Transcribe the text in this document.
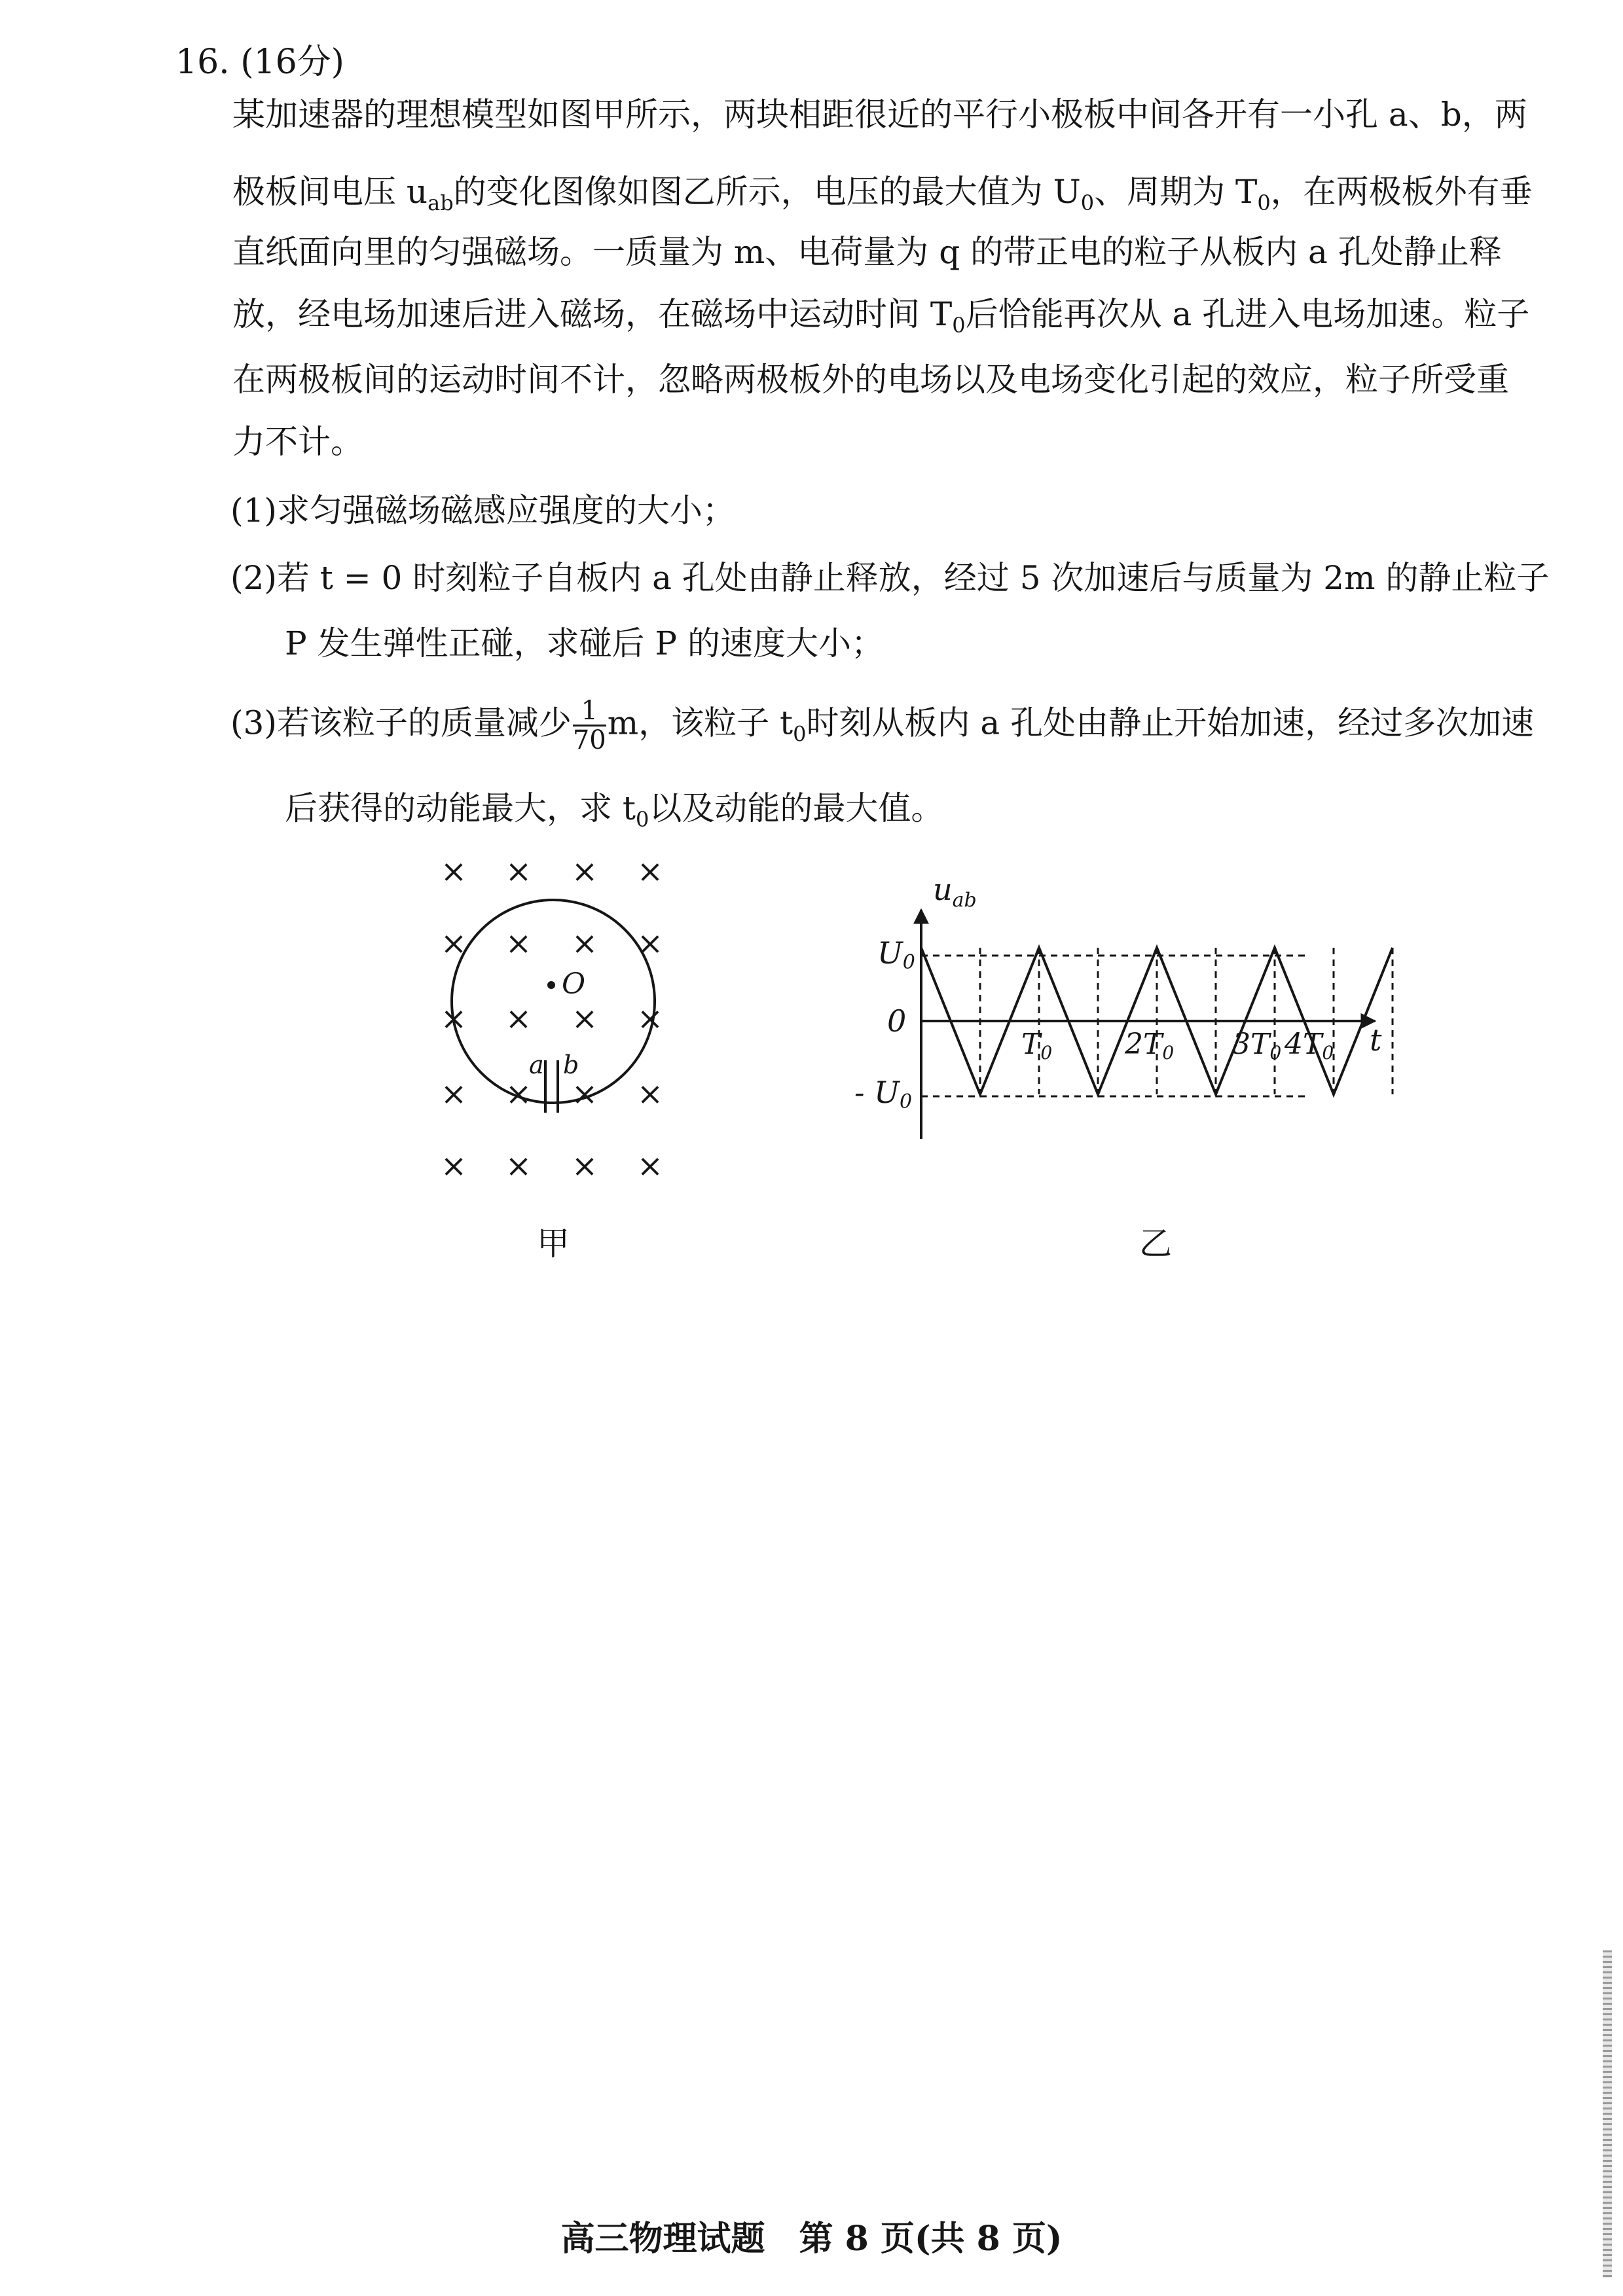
16. (16分)
某加速器的理想模型如图甲所示，两块相距很近的平行小极板中间各开有一小孔 a、b，两
极板间电压 $u_{ab}$的变化图像如图乙所示，电压的最大值为 $U_0$、周期为 $T_0$，在两极板外有垂
直纸面向里的匀强磁场。一质量为 m、电荷量为 q 的带正电的粒子从板内 a 孔处静止释
放，经电场加速后进入磁场，在磁场中运动时间 $T_0$后恰能再次从 a 孔进入电场加速。粒子
在两极板间的运动时间不计，忽略两极板外的电场以及电场变化引起的效应，粒子所受重
力不计。
(1)求匀强磁场磁感应强度的大小；
(2)若 t = 0 时刻粒子自板内 a 孔处由静止释放，经过 5 次加速后与质量为 2m 的静止粒子
P 发生弹性正碰，求碰后 P 的速度大小；
(3)若该粒子的质量减少 $\frac{1}{70}$ m，该粒子 $t_0$时刻从板内 a 孔处由静止开始加速，经过多次加速
后获得的动能最大，求 $t_0$以及动能的最大值。
× × × ×
× × × ×
× × × ×
× × × ×
× × × ×
O
a b
甲
$u_{ab}$
t
0
U0
- U0
T0	2T0 3T0 4T0
乙
高三物理试题　第 8 页(共 8 页)
